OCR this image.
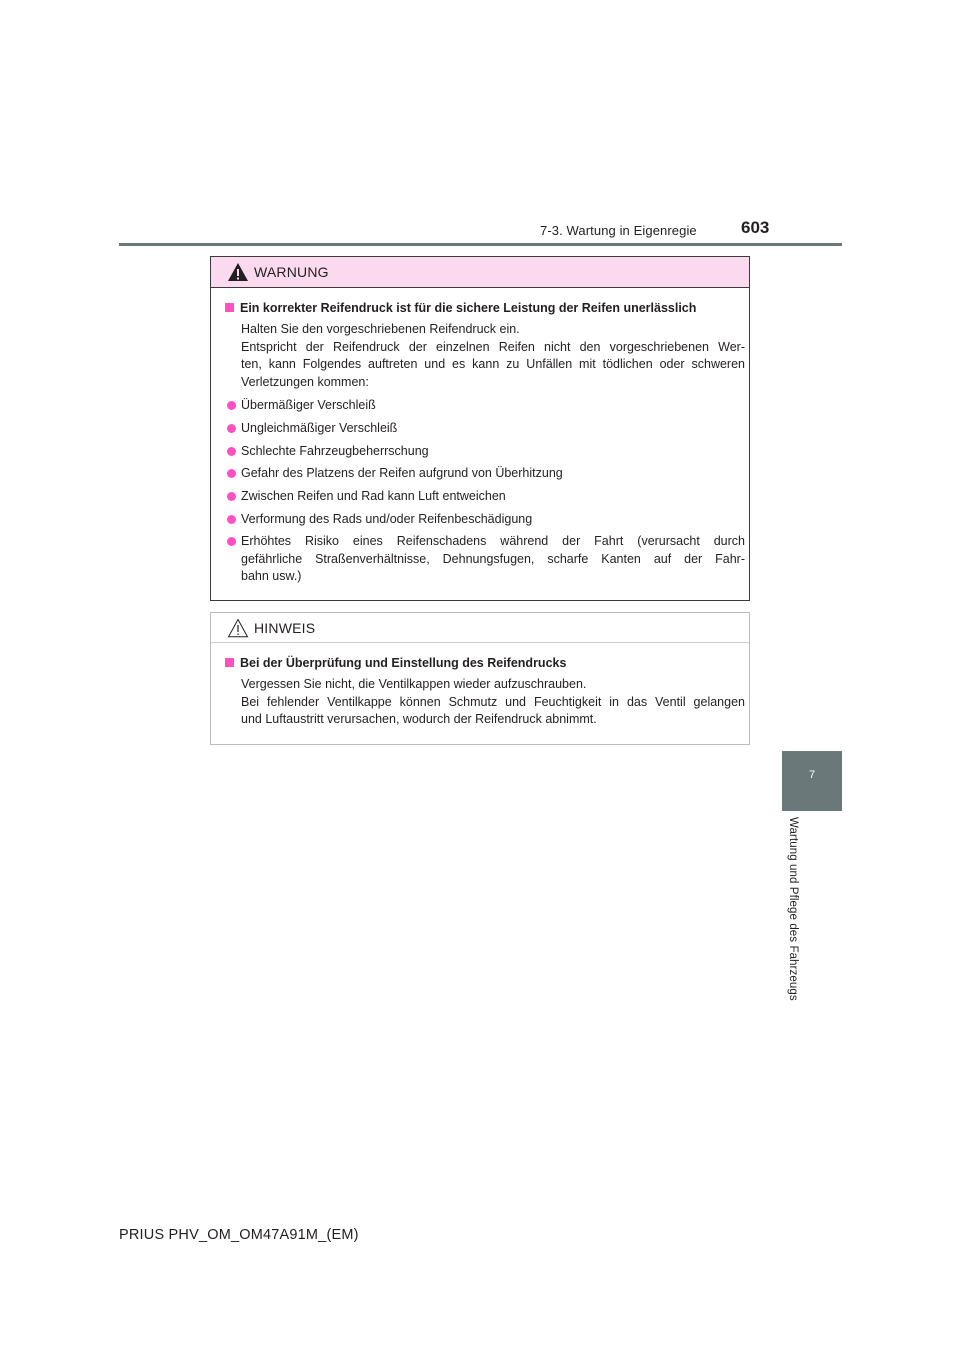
7-3. Wartung in Eigenregie	603
7
Wartung und Pflege des Fahrzeugs
WARNUNG
Ein korrekter Reifendruck ist für die sichere Leistung der Reifen unerlässlich
Halten Sie den vorgeschriebenen Reifendruck ein.
Entspricht der Reifendruck der einzelnen Reifen nicht den vorgeschriebenen Wer-
ten, kann Folgendes auftreten und es kann zu Unfällen mit tödlichen oder schweren
Verletzungen kommen:
Übermäßiger Verschleiß
Ungleichmäßiger Verschleiß
Schlechte Fahrzeugbeherrschung
Gefahr des Platzens der Reifen aufgrund von Überhitzung
Zwischen Reifen und Rad kann Luft entweichen
Verformung des Rads und/oder Reifenbeschädigung
Erhöhtes Risiko eines Reifenschadens während der Fahrt (verursacht durch
gefährliche Straßenverhältnisse, Dehnungsfugen, scharfe Kanten auf der Fahr-
bahn usw.)
HINWEIS
Bei der Überprüfung und Einstellung des Reifendrucks
Vergessen Sie nicht, die Ventilkappen wieder aufzuschrauben.
Bei fehlender Ventilkappe können Schmutz und Feuchtigkeit in das Ventil gelangen
und Luftaustritt verursachen, wodurch der Reifendruck abnimmt.
PRIUS PHV_OM_OM47A91M_(EM)
